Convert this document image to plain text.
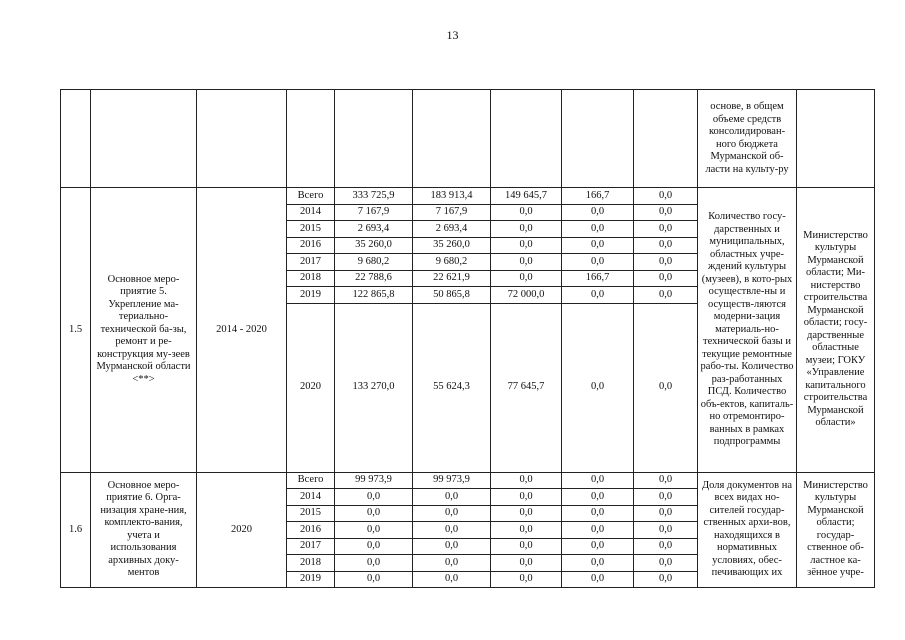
13
									основе, в общем объеме средств консолидирован-ного бюджета Мурманской об-ласти на культу-ру	
1.5	Основное меро-приятие 5. Укрепление ма-териально-технической ба-зы, ремонт и ре-конструкция му-зеев Мурманской области <**>	2014 - 2020	Всего	333 725,9	183 913,4	149 645,7	166,7	0,0	Количество госу-дарственных и муниципальных, областных учре-ждений культуры (музеев), в кото-рых осуществле-ны и осуществ-ляются модерни-зация материаль-но-технической базы и текущие ремонтные рабо-ты. Количество раз-работанных ПСД. Количество объ-ектов, капиталь-но отремонтиро-ванных в рамках подпрограммы	Министерство культуры Мурманской области; Ми-нистерство строительства Мурманской области; госу-дарственные областные музеи; ГОКУ «Управление капитального строительства Мурманской области»
			2014	7 167,9	7 167,9	0,0	0,0	0,0		
			2015	2 693,4	2 693,4	0,0	0,0	0,0		
			2016	35 260,0	35 260,0	0,0	0,0	0,0		
			2017	9 680,2	9 680,2	0,0	0,0	0,0		
			2018	22 788,6	22 621,9	0,0	166,7	0,0		
			2019	122 865,8	50 865,8	72 000,0	0,0	0,0		
			2020	133 270,0	55 624,3	77 645,7	0,0	0,0		
1.6	Основное меро-приятие 6. Орга-низация хране-ния, комплекто-вания, учета и использования архивных доку-ментов	2020	Всего	99 973,9	99 973,9	0,0	0,0	0,0	Доля документов на всех видах но-сителей государ-ственных архи-вов, находящихся в нормативных условиях, обес-печивающих их	Министерство культуры Мурманской области; государ-ственное об-ластное ка-зённое учре-
			2014	0,0	0,0	0,0	0,0	0,0		
			2015	0,0	0,0	0,0	0,0	0,0		
			2016	0,0	0,0	0,0	0,0	0,0		
			2017	0,0	0,0	0,0	0,0	0,0		
			2018	0,0	0,0	0,0	0,0	0,0		
			2019	0,0	0,0	0,0	0,0	0,0		
